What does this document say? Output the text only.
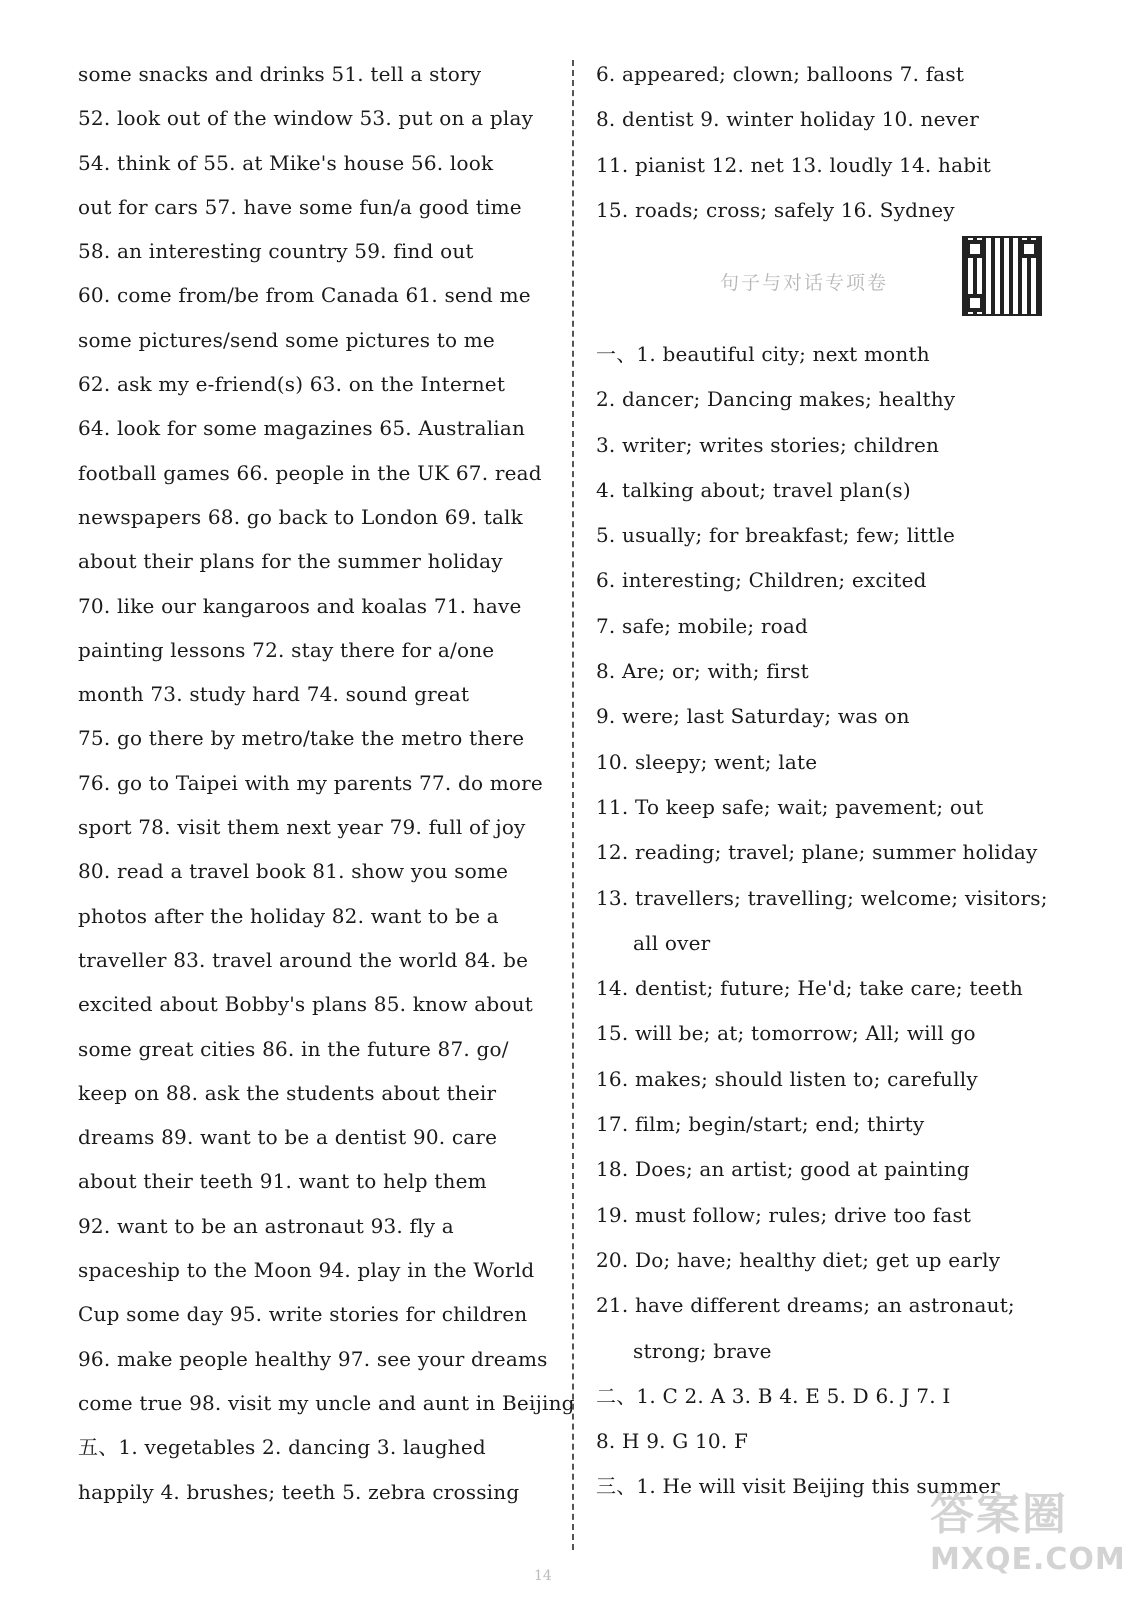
some snacks and drinks 51. tell a story
52. look out of the window 53. put on a play
54. think of 55. at Mike's house 56. look
out for cars 57. have some fun/a good time
58. an interesting country 59. find out
60. come from/be from Canada 61. send me
some pictures/send some pictures to me
62. ask my e-friend(s) 63. on the Internet
64. look for some magazines 65. Australian
football games 66. people in the UK 67. read
newspapers 68. go back to London 69. talk
about their plans for the summer holiday
70. like our kangaroos and koalas 71. have
painting lessons 72. stay there for a/one
month 73. study hard 74. sound great
75. go there by metro/take the metro there
76. go to Taipei with my parents 77. do more
sport 78. visit them next year 79. full of joy
80. read a travel book 81. show you some
photos after the holiday 82. want to be a
traveller 83. travel around the world 84. be
excited about Bobby's plans 85. know about
some great cities 86. in the future 87. go/
keep on 88. ask the students about their
dreams 89. want to be a dentist 90. care
about their teeth 91. want to help them
92. want to be an astronaut 93. fly a
spaceship to the Moon 94. play in the World
Cup some day 95. write stories for children
96. make people healthy 97. see your dreams
come true 98. visit my uncle and aunt in Beijing
五、1. vegetables 2. dancing 3. laughed
happily 4. brushes; teeth 5. zebra crossing
6. appeared; clown; balloons 7. fast
8. dentist 9. winter holiday 10. never
11. pianist 12. net 13. loudly 14. habit
15. roads; cross; safely 16. Sydney
句子与对话专项卷
一、1. beautiful city; next month
2. dancer; Dancing makes; healthy
3. writer; writes stories; children
4. talking about; travel plan(s)
5. usually; for breakfast; few; little
6. interesting; Children; excited
7. safe; mobile; road
8. Are; or; with; first
9. were; last Saturday; was on
10. sleepy; went; late
11. To keep safe; wait; pavement; out
12. reading; travel; plane; summer holiday
13. travellers; travelling; welcome; visitors;
all over
14. dentist; future; He'd; take care; teeth
15. will be; at; tomorrow; All; will go
16. makes; should listen to; carefully
17. film; begin/start; end; thirty
18. Does; an artist; good at painting
19. must follow; rules; drive too fast
20. Do; have; healthy diet; get up early
21. have different dreams; an astronaut;
strong; brave
二、1. C 2. A 3. B 4. E 5. D 6. J 7. I
8. H 9. G 10. F
三、1. He will visit Beijing this summer
14
答案圈
MXQE.COM
